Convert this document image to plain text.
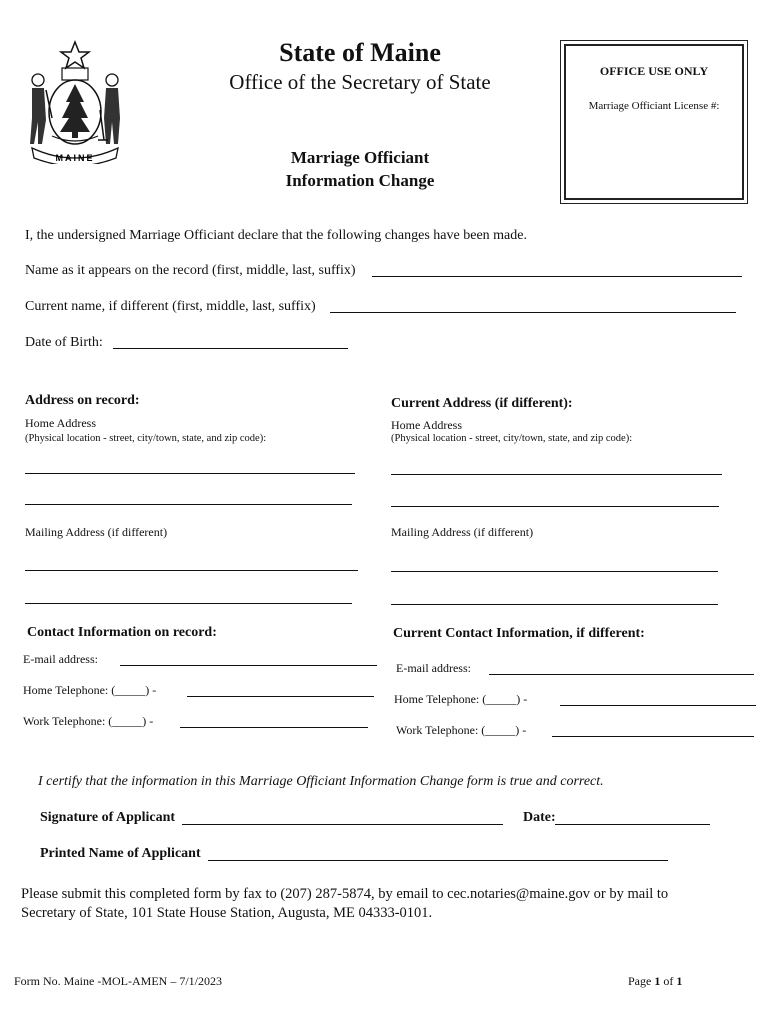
MAINE
State of Maine
Office of the Secretary of State
Marriage Officiant
Information Change
OFFICE USE ONLY
Marriage Officiant License #:
I, the undersigned Marriage Officiant declare that the following changes have been made.
Name as it appears on the record (first, middle, last, suffix)
Current name, if different (first, middle, last, suffix)
Date of Birth:
Address on record:
Home Address
(Physical location - street, city/town, state, and zip code):
Mailing Address (if different)
Current Address (if different):
Home Address
(Physical location - street, city/town, state, and zip code):
Mailing Address (if different)
Contact Information on record:
E-mail address:
Home Telephone: (_____) -
Work Telephone: (_____) -
Current Contact Information, if different:
E-mail address:
Home Telephone: (_____) -
Work Telephone: (_____) -
I certify that the information in this Marriage Officiant Information Change form is true and correct.
Signature of Applicant	Date:
Printed Name of Applicant
Please submit this completed form by fax to (207) 287-5874, by email to cec.notaries@maine.gov or by mail to
Secretary of State, 101 State House Station, Augusta, ME 04333-0101.
Form No. Maine -MOL-AMEN – 7/1/2023	Page 1 of 1
